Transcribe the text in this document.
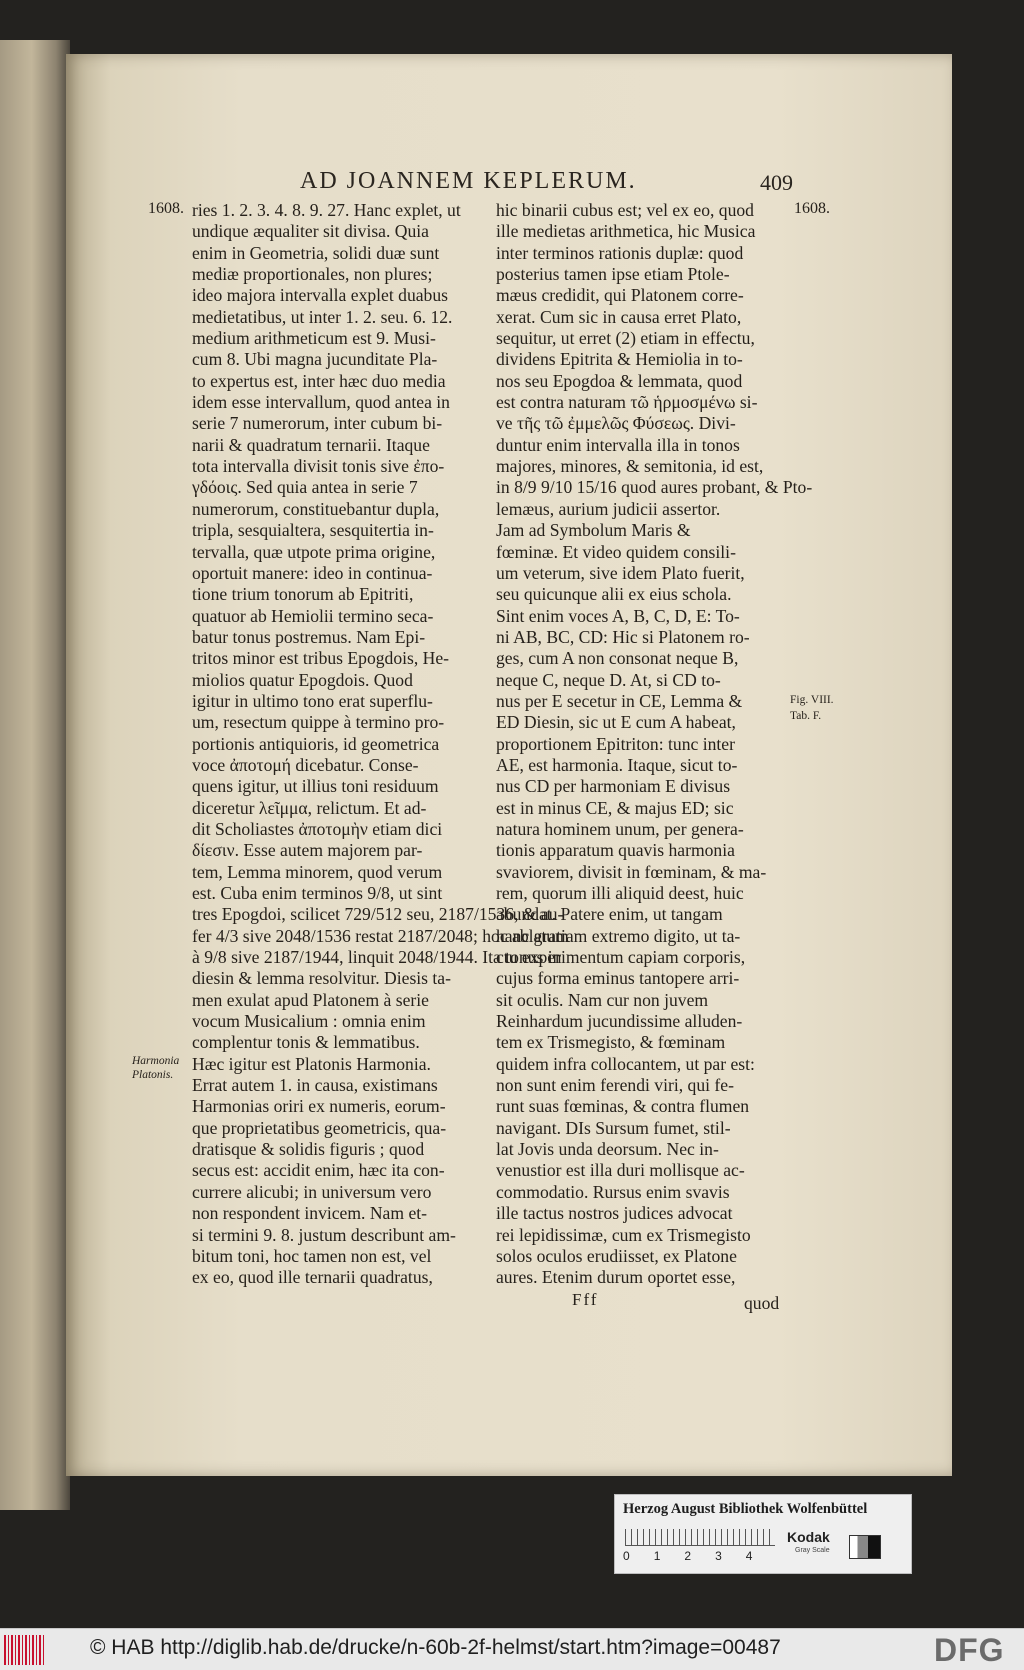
AD JOANNEM KEPLERUM.	409
1608.	1608.
ries 1. 2. 3. 4. 8. 9. 27. Hanc explet, ut
undique æqualiter sit divisa. Quia
enim in Geometria, solidi duæ sunt
mediæ proportionales, non plures;
ideo majora intervalla explet duabus
medietatibus, ut inter 1. 2. seu. 6. 12.
medium arithmeticum est 9. Musi-
cum 8. Ubi magna jucunditate Pla-
to expertus est, inter hæc duo media
idem esse intervallum, quod antea in
serie 7 numerorum, inter cubum bi-
narii & quadratum ternarii. Itaque
tota intervalla divisit tonis sive ἐπο-
γδόοις. Sed quia antea in serie 7
numerorum, constituebantur dupla,
tripla, sesquialtera, sesquitertia in-
tervalla, quæ utpote prima origine,
oportuit manere: ideo in continua-
tione trium tonorum ab Epitriti,
quatuor ab Hemiolii termino seca-
batur tonus postremus. Nam Epi-
tritos minor est tribus Epogdois, He-
miolios quatur Epogdois. Quod
igitur in ultimo tono erat superflu-
um, resectum quippe à termino pro-
portionis antiquioris, id geometrica
voce ἀποτομή dicebatur. Conse-
quens igitur, ut illius toni residuum
diceretur λεῖμμα, relictum. Et ad-
dit Scholiastes ἀποτομὴν etiam dici
δίεσιν. Esse autem majorem par-
tem, Lemma minorem, quod verum
est. Cuba enim terminos 9/8, ut sint
tres Epogdoi, scilicet 729/512 seu, 2187/1536, & au-
fer 4/3 sive 2048/1536 restat 2187/2048; hoc ablatum
à 9/8 sive 2187/1944, linquit 2048/1944. Ita tonus in
diesin & lemma resolvitur. Diesis ta-
men exulat apud Platonem à serie
vocum Musicalium : omnia enim
complentur tonis & lemmatibus.
Hæc igitur est Platonis Harmonia.
Errat autem 1. in causa, existimans
Harmonias oriri ex numeris, eorum-
que proprietatibus geometricis, qua-
dratisque & solidis figuris ; quod
secus est: accidit enim, hæc ita con-
currere alicubi; in universum vero
non respondent invicem. Nam et-
si termini 9. 8. justum describunt am-
bitum toni, hoc tamen non est, vel
ex eo, quod ille ternarii quadratus,
hic binarii cubus est; vel ex eo, quod
ille medietas arithmetica, hic Musica
inter terminos rationis duplæ: quod
posterius tamen ipse etiam Ptole-
mæus credidit, qui Platonem corre-
xerat. Cum sic in causa erret Plato,
sequitur, ut erret (2) etiam in effectu,
dividens Epitrita & Hemiolia in to-
nos seu Epogdoa & lemmata, quod
est contra naturam τῶ ἡρμοσμένω si-
ve τῆς τῶ ἐμμελῶς Φύσεως. Divi-
duntur enim intervalla illa in tonos
majores, minores, & semitonia, id est,
in 8/9 9/10 15/16 quod aures probant, & Pto-
lemæus, aurium judicii assertor.
Jam ad Symbolum Maris &
fœminæ. Et video quidem consili-
um veterum, sive idem Plato fuerit,
seu quicunque alii ex eius schola.
Sint enim voces A, B, C, D, E: To-
ni AB, BC, CD: Hic si Platonem ro-
ges, cum A non consonat neque B,
neque C, neque D. At, si CD to-
nus per E secetur in CE, Lemma &
ED Diesin, sic ut E cum A habeat,
proportionem Epitriton: tunc inter
AE, est harmonia. Itaque, sicut to-
nus CD per harmoniam E divisus
est in minus CE, & majus ED; sic
natura hominem unum, per genera-
tionis apparatum quavis harmonia
svaviorem, divisit in fœminam, & ma-
rem, quorum illi aliquid deest, huic
abundat. Patere enim, ut tangam
hanc gratiam extremo digito, ut ta-
ctu experimentum capiam corporis,
cujus forma eminus tantopere arri-
sit oculis. Nam cur non juvem
Reinhardum jucundissime alluden-
tem ex Trismegisto, & fœminam
quidem infra collocantem, ut par est:
non sunt enim ferendi viri, qui fe-
runt suas fœminas, & contra flumen
navigant. DIs Sursum fumet, stil-
lat Jovis unda deorsum. Nec in-
venustior est illa duri mollisque ac-
commodatio. Rursus enim svavis
ille tactus nostros judices advocat
rei lepidissimæ, cum ex Trismegisto
solos oculos erudiisset, ex Platone
aures. Etenim durum oportet esse,
Harmonia Platonis.
Fig. VIII.
Tab. F.
Fff	quod
Herzog August Bibliothek Wolfenbüttel
0 1 2 3 4
Kodak
Gray Scale
© HAB http://diglib.hab.de/drucke/n-60b-2f-helmst/start.htm?image=00487	DFG
